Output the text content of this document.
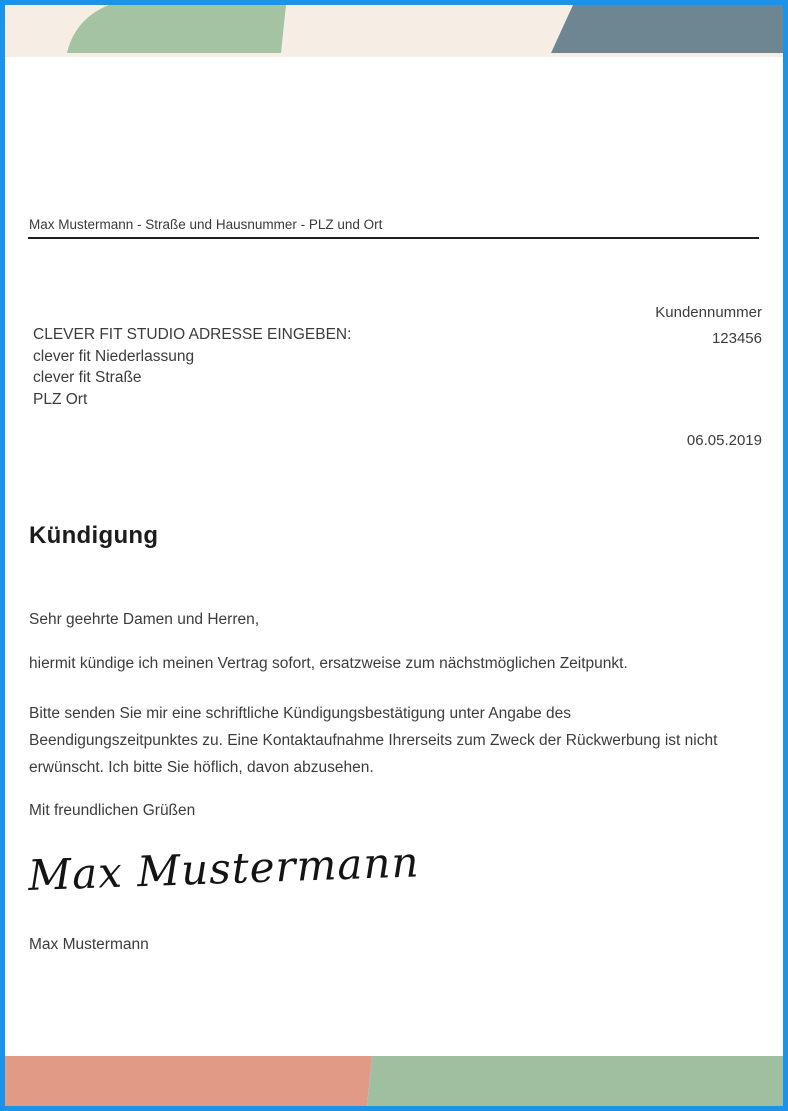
Max Mustermann - Straße und Hausnummer - PLZ und Ort
Kundennummer
123456
CLEVER FIT STUDIO ADRESSE EINGEBEN:
clever fit Niederlassung
clever fit Straße
PLZ Ort
06.05.2019
Kündigung
Sehr geehrte Damen und Herren,
hiermit kündige ich meinen Vertrag sofort, ersatzweise zum nächstmöglichen Zeitpunkt.
Bitte senden Sie mir eine schriftliche Kündigungsbestätigung unter Angabe des
Beendigungszeitpunktes zu. Eine Kontaktaufnahme Ihrerseits zum Zweck der Rückwerbung ist nicht
erwünscht. Ich bitte Sie höflich, davon abzusehen.
Mit freundlichen Grüßen
Max Mustermann
Max Mustermann
